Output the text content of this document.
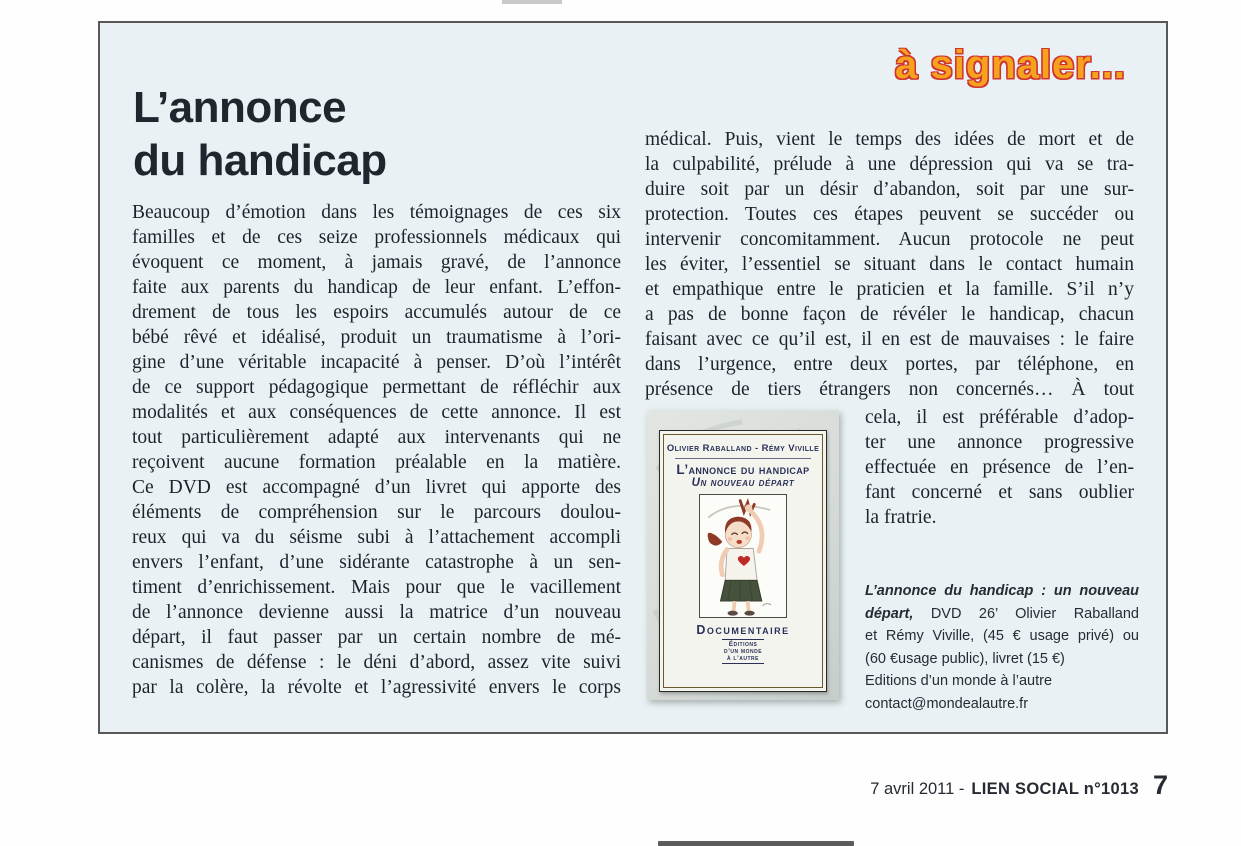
à signaler...
L’annonce
du handicap
Beaucoup d’émotion dans les témoignages de ces six
familles et de ces seize professionnels médicaux qui
évoquent ce moment, à jamais gravé, de l’annonce
faite aux parents du handicap de leur enfant. L’effon-
drement de tous les espoirs accumulés autour de ce
bébé rêvé et idéalisé, produit un traumatisme à l’ori-
gine d’une véritable incapacité à penser. D’où l’intérêt
de ce support pédagogique permettant de réfléchir aux
modalités et aux conséquences de cette annonce. Il est
tout particulièrement adapté aux intervenants qui ne
reçoivent aucune formation préalable en la matière.
Ce DVD est accompagné d’un livret qui apporte des
éléments de compréhension sur le parcours doulou-
reux qui va du séisme subi à l’attachement accompli
envers l’enfant, d’une sidérante catastrophe à un sen-
timent d’enrichissement. Mais pour que le vacillement
de l’annonce devienne aussi la matrice d’un nouveau
départ, il faut passer par un certain nombre de mé-
canismes de défense : le déni d’abord, assez vite suivi
par la colère, la révolte et l’agressivité envers le corps
médical. Puis, vient le temps des idées de mort et de
la culpabilité, prélude à une dépression qui va se tra-
duire soit par un désir d’abandon, soit par une sur-
protection. Toutes ces étapes peuvent se succéder ou
intervenir concomitamment. Aucun protocole ne peut
les éviter, l’essentiel se situant dans le contact humain
et empathique entre le praticien et la famille. S’il n’y
a pas de bonne façon de révéler le handicap, chacun
faisant avec ce qu’il est, il en est de mauvaises : le faire
dans l’urgence, entre deux portes, par téléphone, en
présence de tiers étrangers non concernés… À tout
cela, il est préférable d’adop-
ter une annonce progressive
effectuée en présence de l’en-
fant concerné et sans oublier
la fratrie.
Olivier Raballand - Rémy Viville
L’annonce du handicap
Un nouveau départ
Documentaire
Éditions
d’un monde
à l’autre
L’annonce du handicap : un nouveau
départ, DVD 26’ Olivier Raballand
et Rémy Viville, (45 € usage privé) ou
(60 €usage public), livret (15 €)
Editions d’un monde à l’autre
contact@mondealautre.fr
7 avril 2011 - LIEN SOCIAL n°1013 7
